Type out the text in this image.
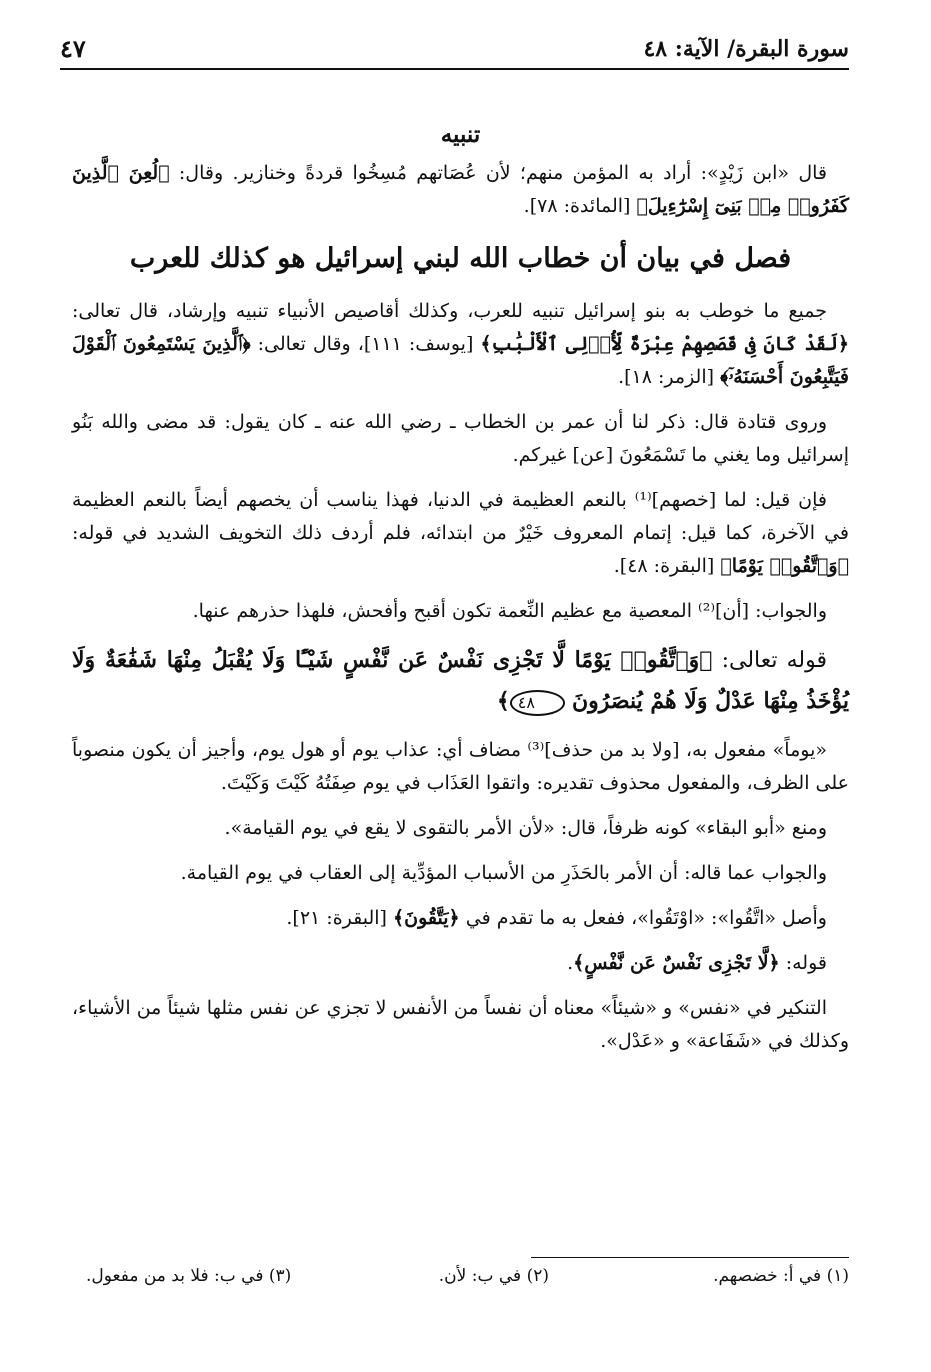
سورة البقرة/ الآية: ٤٨
٤٧
تنبيه

قال «ابن زَيْدٍ»: أراد به المؤمن منهم؛ لأن عُصَاتهم مُسِخُوا قردةً وخنازير. وقال: ﴿لُعِنَ ٱلَّذِينَ كَفَرُوا۟ مِنۢ بَنِىٓ إِسْرَٰٓءِيلَ﴾ [المائدة: ٧٨].

فصل في بيان أن خطاب الله لبني إسرائيل هو كذلك للعرب

جميع ما خوطب به بنو إسرائيل تنبيه للعرب، وكذلك أقاصيص الأنبياء تنبيه وإرشاد، قال تعالى: ﴿لَقَدْ كَانَ فِى قَصَصِهِمْ عِبْرَةٌ لِّأُو۟لِى ٱلْأَلْبَٰبِ﴾ [يوسف: ١١١]، وقال تعالى: ﴿ٱلَّذِينَ يَسْتَمِعُونَ ٱلْقَوْلَ فَيَتَّبِعُونَ أَحْسَنَهُۥٓ﴾ [الزمر: ١٨].

وروى قتادة قال: ذكر لنا أن عمر بن الخطاب ـ رضي الله عنه ـ كان يقول: قد مضى والله بَنُو إسرائيل وما يغني ما تَسْمَعُونَ [عن] غيركم.

فإن قيل: لما [خصهم]⁽¹⁾ بالنعم العظيمة في الدنيا، فهذا يناسب أن يخصهم أيضاً بالنعم العظيمة في الآخرة، كما قيل: إتمام المعروف خَيْرٌ من ابتدائه، فلم أردف ذلك التخويف الشديد في قوله: ﴿وَٱتَّقُوا۟ يَوْمًا﴾ [البقرة: ٤٨].

والجواب: [أن]⁽²⁾ المعصية مع عظيم النِّعمة تكون أقبح وأفحش، فلهذا حذرهم عنها.

قوله تعالى: ﴿وَٱتَّقُوا۟ يَوْمًا لَّا تَجْزِى نَفْسٌ عَن نَّفْسٍ شَيْـًٔا وَلَا يُقْبَلُ مِنْهَا شَفَٰعَةٌ وَلَا يُؤْخَذُ مِنْهَا عَدْلٌ وَلَا هُمْ يُنصَرُونَ ٤٨﴾

«يوماً» مفعول به، [ولا بد من حذف]⁽³⁾ مضاف أي: عذاب يوم أو هول يوم، وأجيز أن يكون منصوباً على الظرف، والمفعول محذوف تقديره: واتقوا العَذَاب في يوم صِفَتُهُ كَيْتَ وَكَيْتَ.

ومنع «أبو البقاء» كونه ظرفاً، قال: «لأن الأمر بالتقوى لا يقع في يوم القيامة».

والجواب عما قاله: أن الأمر بالحَذَرِ من الأسباب المؤدِّية إلى العقاب في يوم القيامة.

وأصل «اتَّقُوا»: «اوْتَقُوا»، ففعل به ما تقدم في ﴿يَتَّقُونَ﴾ [البقرة: ٢١].

قوله: ﴿لَّا تَجْزِى نَفْسٌ عَن نَّفْسٍ﴾.

التنكير في «نفس» و «شيئاً» معناه أن نفساً من الأنفس لا تجزي عن نفس مثلها شيئاً من الأشياء، وكذلك في «شَفَاعة» و «عَدْل».

(١) في أ: خضصهم.
(٢) في ب: لأن.
(٣) في ب: فلا بد من مفعول.
